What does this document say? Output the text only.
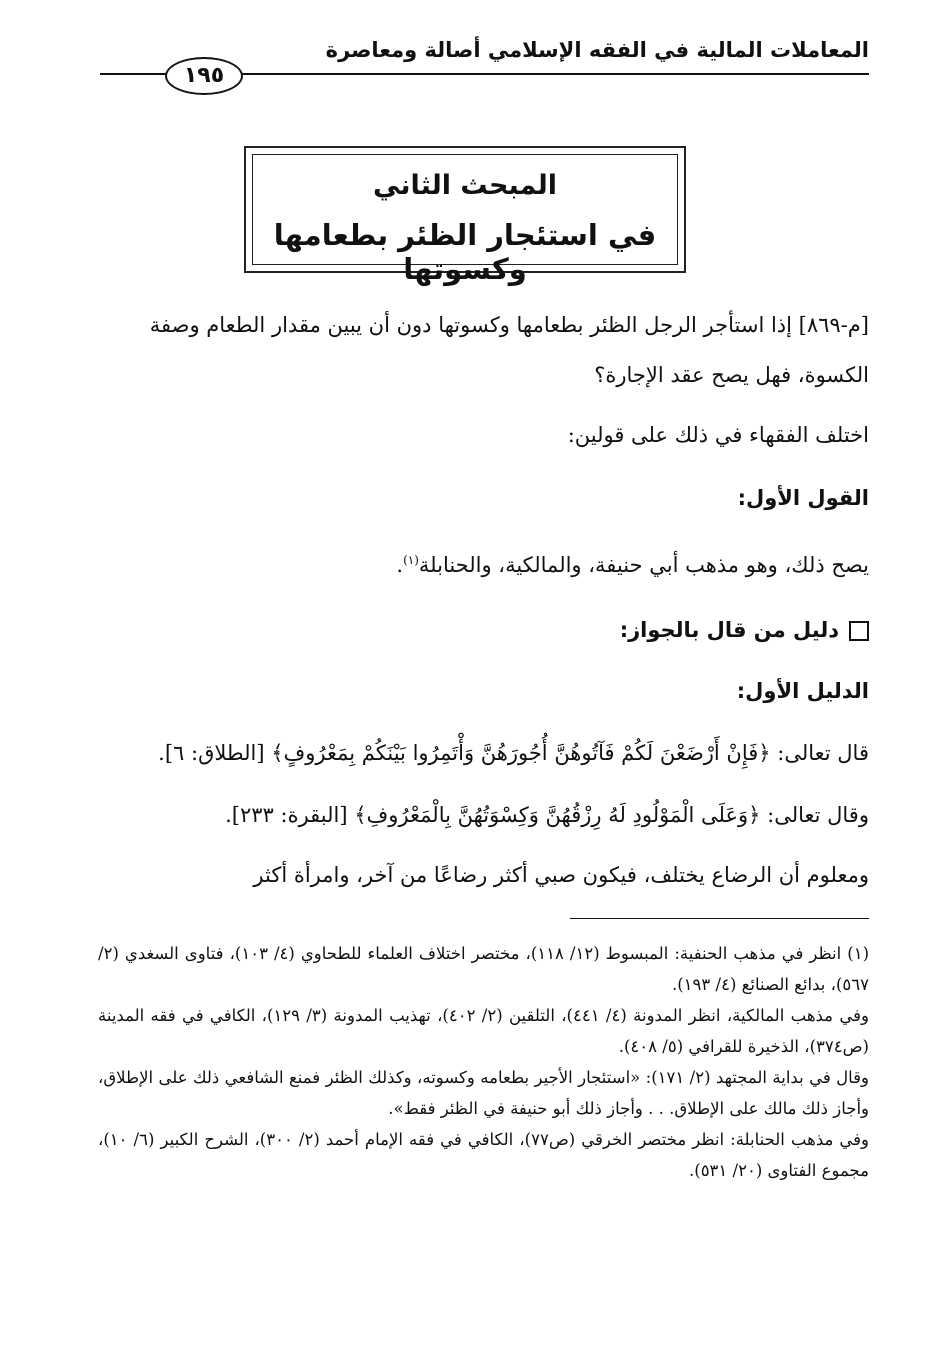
المعاملات المالية في الفقه الإسلامي أصالة ومعاصرة
١٩٥
المبحث الثاني
في استئجار الظئر بطعامها وكسوتها
[م-٨٦٩] إذا استأجر الرجل الظئر بطعامها وكسوتها دون أن يبين مقدار الطعام وصفة الكسوة، فهل يصح عقد الإجارة؟
اختلف الفقهاء في ذلك على قولين:
القول الأول:
يصح ذلك، وهو مذهب أبي حنيفة، والمالكية، والحنابلة$^{(١)}$.
دليل من قال بالجواز:
الدليل الأول:
قال تعالى: ﴿فَإِنْ أَرْضَعْنَ لَكُمْ فَآتُوهُنَّ أُجُورَهُنَّ وَأْتَمِرُوا بَيْنَكُمْ بِمَعْرُوفٍ﴾ [الطلاق: ٦].
وقال تعالى: ﴿وَعَلَى الْمَوْلُودِ لَهُ رِزْقُهُنَّ وَكِسْوَتُهُنَّ بِالْمَعْرُوفِ﴾ [البقرة: ٢٣٣].
ومعلوم أن الرضاع يختلف، فيكون صبي أكثر رضاعًا من آخر، وامرأة أكثر

(١) انظر في مذهب الحنفية: المبسوط (١٢/ ١١٨)، مختصر اختلاف العلماء للطحاوي (٤/ ١٠٣)، فتاوى السغدي (٢/ ٥٦٧)، بدائع الصنائع (٤/ ١٩٣).

وفي مذهب المالكية، انظر المدونة (٤/ ٤٤١)، التلقين (٢/ ٤٠٢)، تهذيب المدونة (٣/ ١٢٩)، الكافي في فقه المدينة (ص٣٧٤)، الذخيرة للقرافي (٥/ ٤٠٨).

وقال في بداية المجتهد (٢/ ١٧١): «استئجار الأجير بطعامه وكسوته، وكذلك الظئر فمنع الشافعي ذلك على الإطلاق، وأجاز ذلك مالك على الإطلاق. . . وأجاز ذلك أبو حنيفة في الظئر فقط».

وفي مذهب الحنابلة: انظر مختصر الخرقي (ص٧٧)، الكافي في فقه الإمام أحمد (٢/ ٣٠٠)، الشرح الكبير (٦/ ١٠)، مجموع الفتاوى (٢٠/ ٥٣١).
